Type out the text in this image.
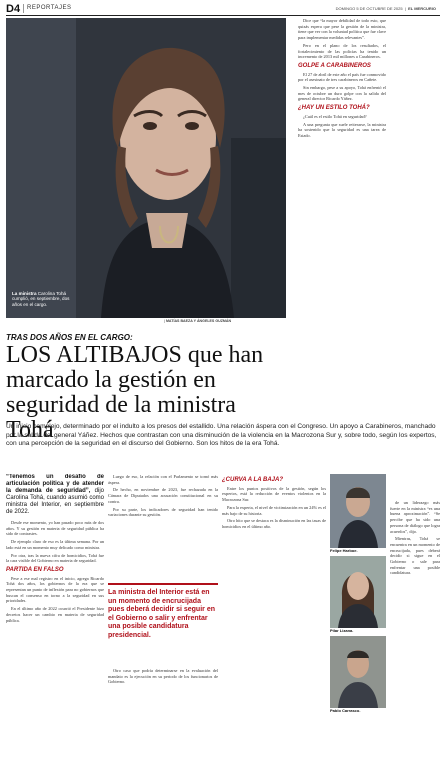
D4 REPORTAJES	DOMINGO 5 DE OCTUBRE DE 2025  |  EL MERCURIO
La ministra Carolina Tohá cumplió, en septiembre, dos años en el cargo.
| MATÍAS BAEZA Y ÁNGELES GUZMÁN
TRAS DOS AÑOS EN EL CARGO:
LOS ALTIBAJOS que han marcado la gestión en seguridad de la ministra Tohá
Un inicio complejo, determinado por el indulto a los presos del estallido. Una relación áspera con el Congreso. Un apoyo a Carabineros, manchado por la salida del general Yáñez. Hechos que contrastan con una disminución de la violencia en la Macrozona Sur y, sobre todo, según los expertos, con una percepción de la seguridad en el discurso del Gobierno. Son los hitos de la era Tohá.
“Tenemos un desafío de articulación política y de atender la demanda de seguridad”, dijo Carolina Tohá, cuando asumió como ministra del Interior, en septiembre de 2022.

Desde ese momento, yo han pasado poco más de dos años. Y su gestión en materia de seguridad pública ha sido de contrastes.

De ejemplo claro de eso es la última semana. Por un lado está en un momento muy delicado como ministra.

Por otra, tras la nueva cifra de homicidios, Tohá fue la cara visible del Gobierno en materia de seguridad.

PARTIDA EN FALSO

Pese a ese mal registro en el inicio, agrega Ricardo Tohá dos años, los gobiernos de la era que se representan un punto de inflexión para no gobiernos que buscan el consenso en torno a la seguridad en sus prioridades.

En el último año de 2022 ocurrió el Presidente hizo decretos hacer un cambio en materia de seguridad pública.

Luego de eso, la relación con el Parlamento se tornó más áspera.

De hecho, en noviembre de 2023, fue rechazada en la Cámara de Diputados una acusación constitucional en su contra.

Por su parte, los indicadores de seguridad han tenido variaciones durante su gestión.

La ministra del Interior está en un momento de encrucijada pues deberá decidir si seguir en el Gobierno o salir y enfrentar una posible candidatura presidencial.

Otro caso que podría determinarse en la evaluación del mandato es la ejecución en su periodo de los funcionarios de Gobierno.

¿CURVA A LA BAJA?

Entre los puntos positivos de la gestión, según los expertos, está la reducción de eventos violentos en la Macrozona Sur.

Para la experta, el nivel de victimización en un 24% es el más bajo de su historia.

Otro hito que se destaca es la disminución en las tasas de homicidios en el último año.

Dice que “la mayor debilidad de todo esto, que quizás espera que pese la gestión de la ministra, tiene que ver con la voluntad política que fue clave para implementar medidas relevantes”.

Pero en el plano de los resultados, el fortalecimiento de las policías ha tenido un incremento de 2013 mil millones a Carabineros.

GOLPE A CARABINEROS

El 27 de abril de este año el país fue conmovido por el asesinato de tres carabineros en Cañete.

Sin embargo, pese a su apoyo, Tohá enfrentó el mes de octubre un duro golpe con la salida del general director Ricardo Yáñez.

¿HAY UN ESTILO TOHÁ?

¿Cuál es el estilo Tohá en seguridad?

A una pregunta que suele reiterarse, la ministra ha sostenido que la seguridad es una tarea de Estado.

de un liderazgo más fuerte en la ministra “es una buena aproximación”. “Se percibe que ha sido una persona de diálogo que logra acuerdos”, dijo.

Mientras, Tohá se encuentra en un momento de encrucijada, pues deberá decidir si sigue en el Gobierno o sale para enfrentar una posible candidatura.

Felipe Harboe.
Pilar Lizana.
Pablo Carrasco.
